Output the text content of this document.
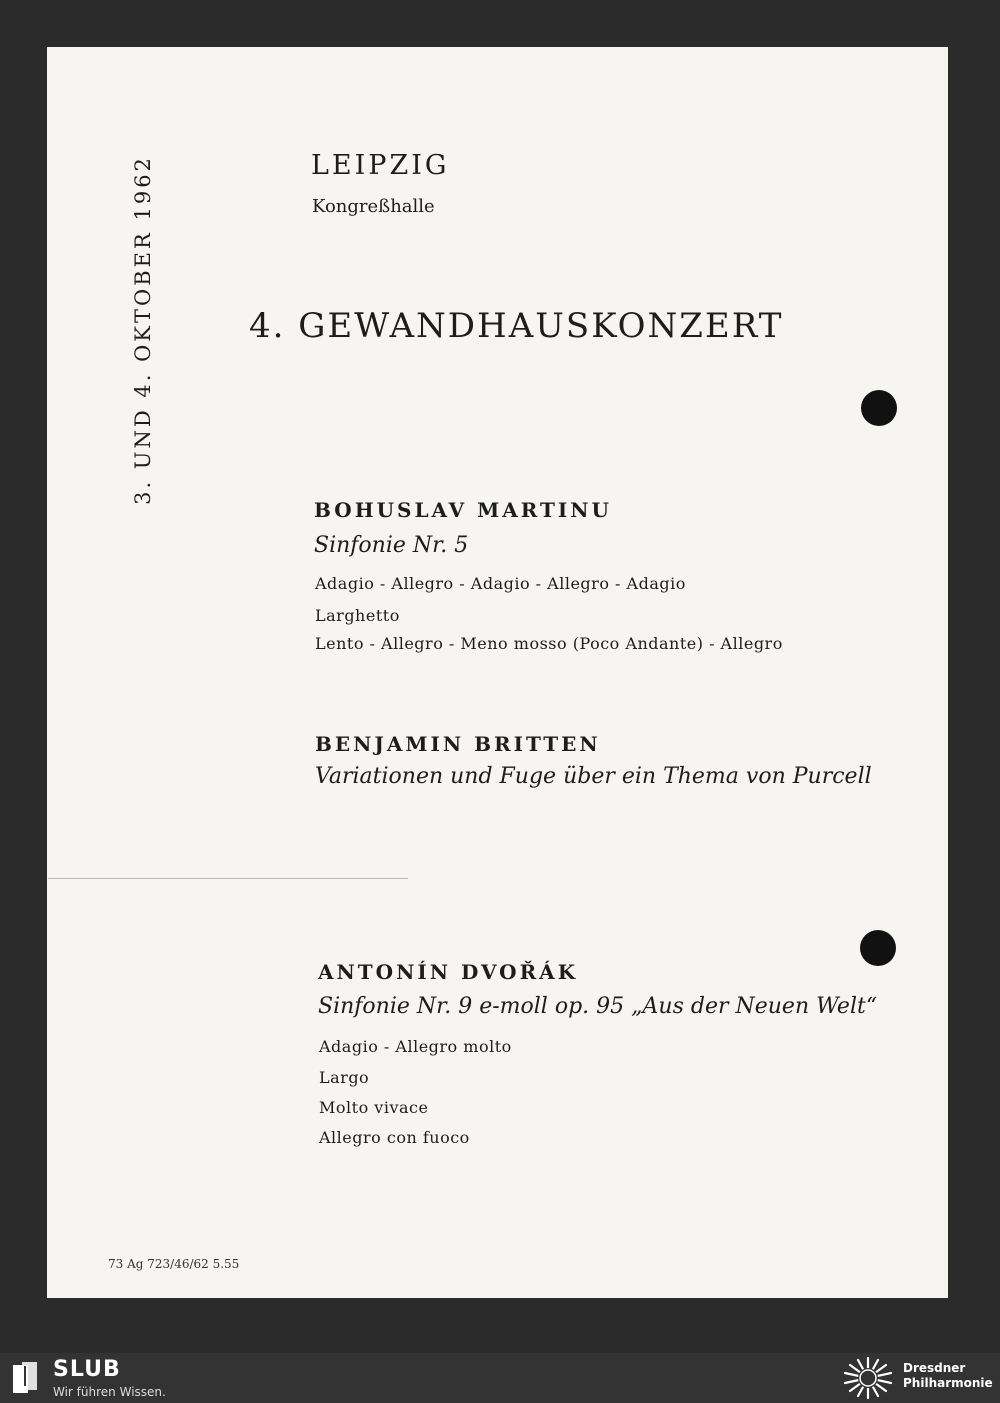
3. UND 4. OKTOBER 1962	LEIPZIG
Kongreßhalle
4. GEWANDHAUSKONZERT
BOHUSLAV MARTINU
Sinfonie Nr. 5
Adagio - Allegro - Adagio - Allegro - Adagio
Larghetto
Lento - Allegro - Meno mosso (Poco Andante) - Allegro
BENJAMIN BRITTEN
Variationen und Fuge über ein Thema von Purcell
ANTONÍN DVOŘÁK
Sinfonie Nr. 9 e-moll op. 95 „Aus der Neuen Welt“
Adagio - Allegro molto
Largo
Molto vivace
Allegro con fuoco
73 Ag 723/46/62 5.55
SLUB
Wir führen Wissen.
Dresdner
Philharmonie
